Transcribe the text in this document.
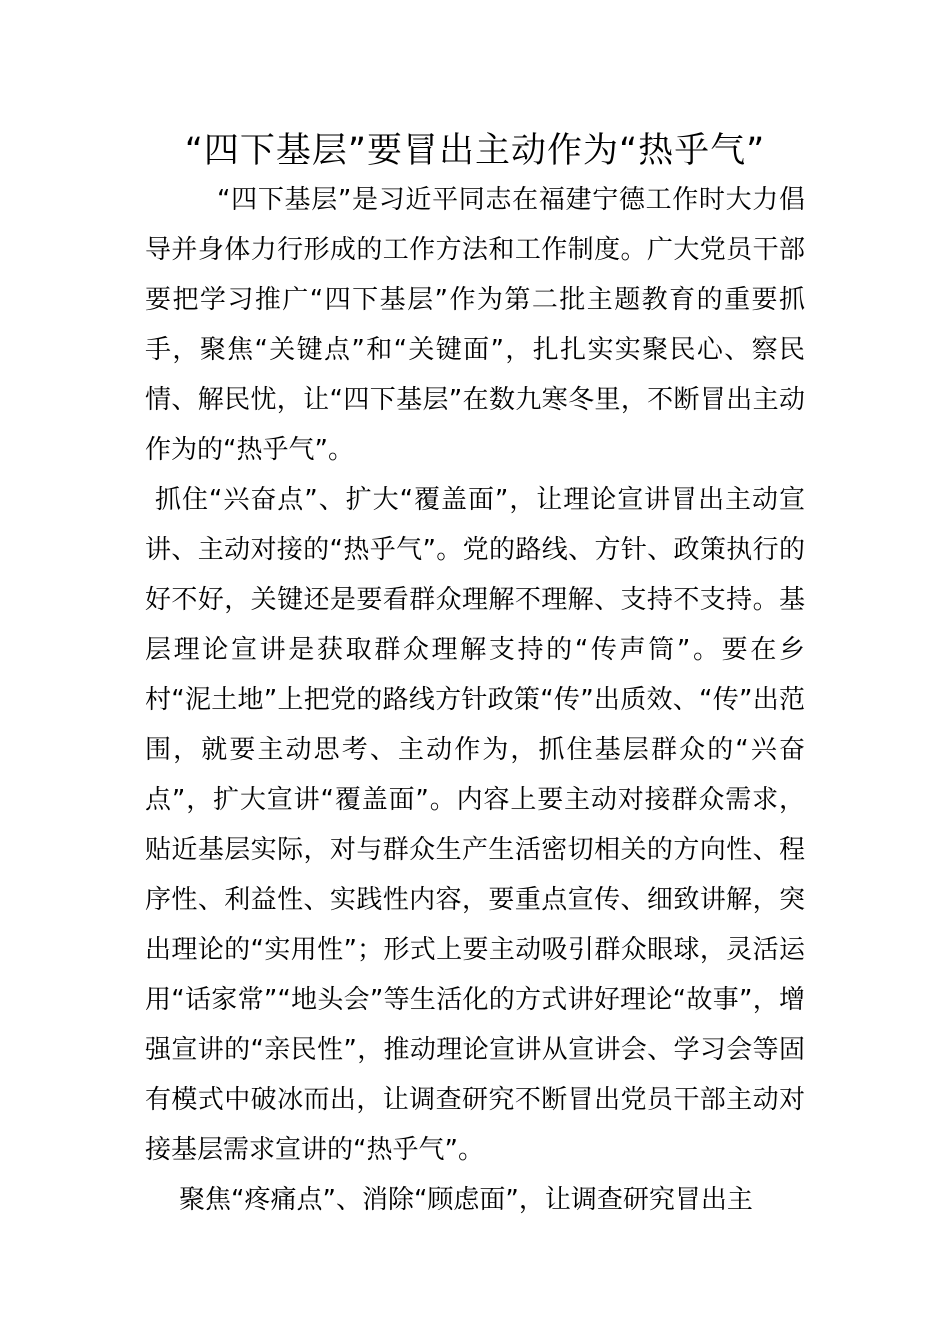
“四下基层”要冒出主动作为“热乎气”

“四下基层”是习近平同志在福建宁德工作时大力倡导并身体力行形成的工作方法和工作制度。广大党员干部要把学习推广“四下基层”作为第二批主题教育的重要抓手，聚焦“关键点”和“关键面”，扎扎实实聚民心、察民情、解民忧，让“四下基层”在数九寒冬里，不断冒出主动作为的“热乎气”。

抓住“兴奋点”、扩大“覆盖面”，让理论宣讲冒出主动宣讲、主动对接的“热乎气”。党的路线、方针、政策执行的好不好，关键还是要看群众理解不理解、支持不支持。基层理论宣讲是获取群众理解支持的“传声筒”。要在乡村“泥土地”上把党的路线方针政策“传”出质效、“传”出范围，就要主动思考、主动作为，抓住基层群众的“兴奋点”，扩大宣讲“覆盖面”。内容上要主动对接群众需求，贴近基层实际，对与群众生产生活密切相关的方向性、程序性、利益性、实践性内容，要重点宣传、细致讲解，突出理论的“实用性”；形式上要主动吸引群众眼球，灵活运用“话家常”“地头会”等生活化的方式讲好理论“故事”，增强宣讲的“亲民性”，推动理论宣讲从宣讲会、学习会等固有模式中破冰而出，让调查研究不断冒出党员干部主动对接基层需求宣讲的“热乎气”。

聚焦“疼痛点”、消除“顾虑面”，让调查研究冒出主
